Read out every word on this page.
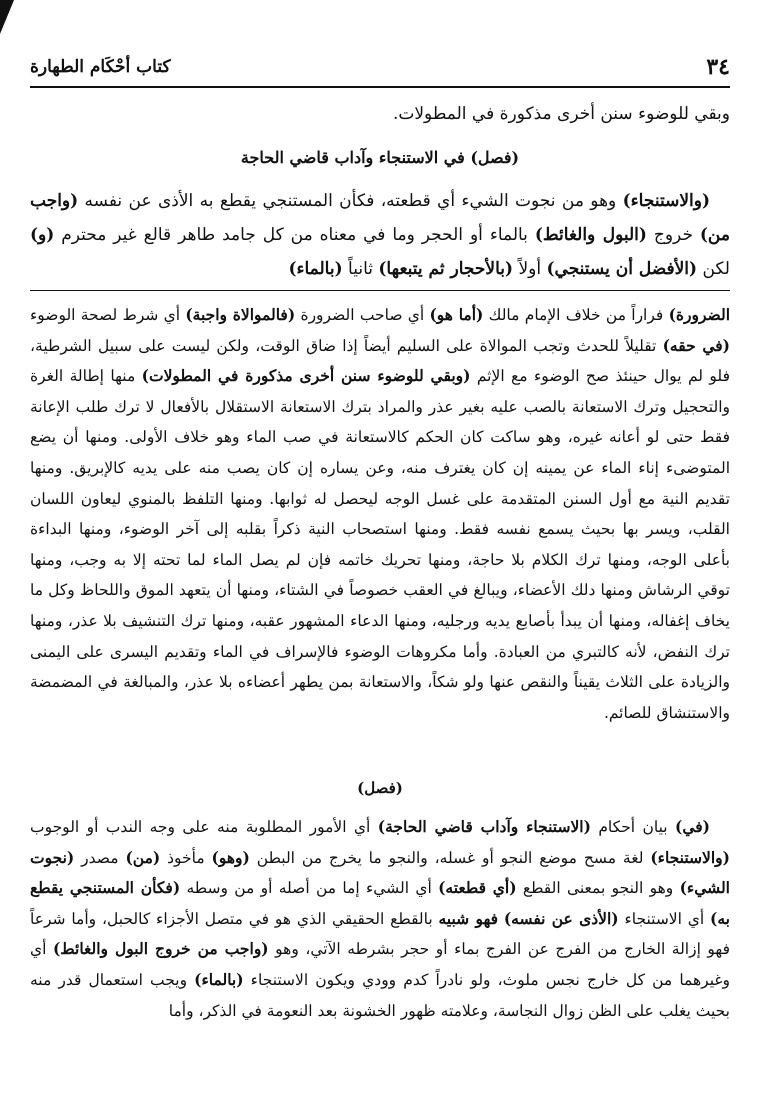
٣٤
كتاب أحْكَام الطهارة

وبقي للوضوء سنن أخرى مذكورة في المطولات.

(فصل) في الاستنجاء وآداب قاضي الحاجة

(والاستنجاء) وهو من نجوت الشيء أي قطعته، فكأن المستنجي يقطع به الأذى عن نفسه (واجب من) خروج (البول والغائط) بالماء أو الحجر وما في معناه من كل جامد طاهر قالع غير محترم (و) لكن (الأفضل أن يستنجي) أولاً (بالأحجار ثم يتبعها) ثانياً (بالماء)

الضرورة) فراراً من خلاف الإمام مالك (أما هو) أي صاحب الضرورة (فالموالاة واجبة) أي شرط لصحة الوضوء (في حقه) تقليلاً للحدث وتجب الموالاة على السليم أيضاً إذا ضاق الوقت، ولكن ليست على سبيل الشرطية، فلو لم يوال حينئذ صح الوضوء مع الإثم (وبقي للوضوء سنن أخرى مذكورة في المطولات) منها إطالة الغرة والتحجيل وترك الاستعانة بالصب عليه بغير عذر والمراد بترك الاستعانة الاستقلال بالأفعال لا ترك طلب الإعانة فقط حتى لو أعانه غيره، وهو ساكت كان الحكم كالاستعانة في صب الماء وهو خلاف الأولى. ومنها أن يضع المتوضىء إناء الماء عن يمينه إن كان يغترف منه، وعن يساره إن كان يصب منه على يديه كالإبريق. ومنها تقديم النية مع أول السنن المتقدمة على غسل الوجه ليحصل له ثوابها. ومنها التلفظ بالمنوي ليعاون اللسان القلب، ويسر بها بحيث يسمع نفسه فقط. ومنها استصحاب النية ذكراً بقلبه إلى آخر الوضوء، ومنها البداءة بأعلى الوجه، ومنها ترك الكلام بلا حاجة، ومنها تحريك خاتمه فإن لم يصل الماء لما تحته إلا به وجب، ومنها توقي الرشاش ومنها دلك الأعضاء، ويبالغ في العقب خصوصاً في الشتاء، ومنها أن يتعهد الموق واللحاظ وكل ما يخاف إغفاله، ومنها أن يبدأ بأصابع يديه ورجليه، ومنها الدعاء المشهور عقبه، ومنها ترك التنشيف بلا عذر، ومنها ترك النفض، لأنه كالتبري من العبادة. وأما مكروهات الوضوء فالإسراف في الماء وتقديم اليسرى على اليمنى والزيادة على الثلاث يقيناً والنقص عنها ولو شكاً، والاستعانة بمن يطهر أعضاءه بلا عذر، والمبالغة في المضمضة والاستنشاق للصائم.

(فصل)

(في) بيان أحكام (الاستنجاء وآداب قاضي الحاجة) أي الأمور المطلوبة منه على وجه الندب أو الوجوب (والاستنجاء) لغة مسح موضع النجو أو غسله، والنجو ما يخرج من البطن (وهو) مأخوذ (من) مصدر (نجوت الشيء) وهو النجو بمعنى القطع (أي قطعته) أي الشيء إما من أصله أو من وسطه (فكأن المستنجي يقطع به) أي الاستنجاء (الأذى عن نفسه) فهو شبيه بالقطع الحقيقي الذي هو في متصل الأجزاء كالحبل، وأما شرعاً فهو إزالة الخارج من الفرج عن الفرج بماء أو حجر بشرطه الآتي، وهو (واجب من خروج البول والغائط) أي وغيرهما من كل خارج نجس ملوث، ولو نادراً كدم وودي ويكون الاستنجاء (بالماء) ويجب استعمال قدر منه بحيث يغلب على الظن زوال النجاسة، وعلامته ظهور الخشونة بعد النعومة في الذكر، وأما
